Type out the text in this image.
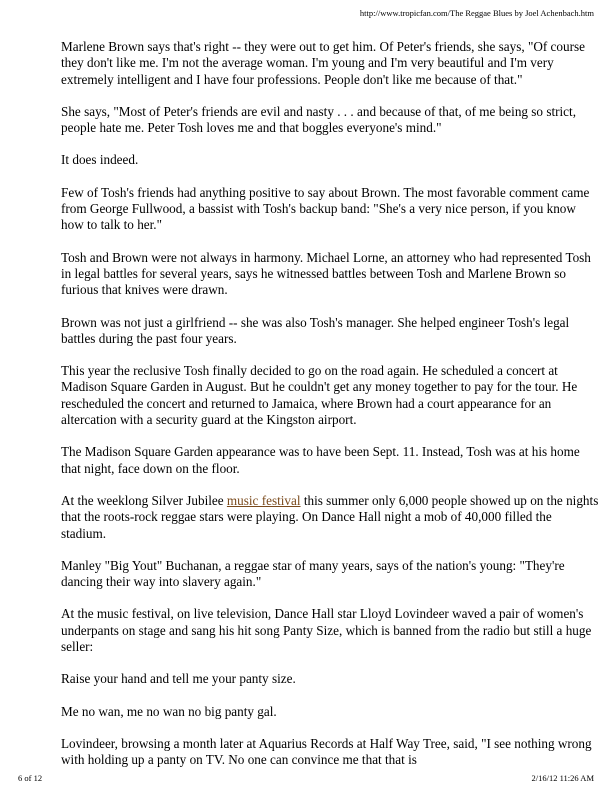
http://www.tropicfan.com/The Reggae Blues by Joel Achenbach.htm

Marlene Brown says that's right -- they were out to get him. Of Peter's friends, she says, "Of course they don't like me. I'm not the average woman. I'm young and I'm very beautiful and I'm very extremely intelligent and I have four professions. People don't like me because of that."

She says, "Most of Peter's friends are evil and nasty . . . and because of that, of me being so strict, people hate me. Peter Tosh loves me and that boggles everyone's mind."

It does indeed.

Few of Tosh's friends had anything positive to say about Brown. The most favorable comment came from George Fullwood, a bassist with Tosh's backup band: "She's a very nice person, if you know how to talk to her."

Tosh and Brown were not always in harmony. Michael Lorne, an attorney who had represented Tosh in legal battles for several years, says he witnessed battles between Tosh and Marlene Brown so furious that knives were drawn.

Brown was not just a girlfriend -- she was also Tosh's manager. She helped engineer Tosh's legal battles during the past four years.

This year the reclusive Tosh finally decided to go on the road again. He scheduled a concert at Madison Square Garden in August. But he couldn't get any money together to pay for the tour. He rescheduled the concert and returned to Jamaica, where Brown had a court appearance for an altercation with a security guard at the Kingston airport.

The Madison Square Garden appearance was to have been Sept. 11. Instead, Tosh was at his home that night, face down on the floor.

At the weeklong Silver Jubilee music festival this summer only 6,000 people showed up on the nights that the roots-rock reggae stars were playing. On Dance Hall night a mob of 40,000 filled the stadium.

Manley "Big Yout" Buchanan, a reggae star of many years, says of the nation's young: "They're dancing their way into slavery again."

At the music festival, on live television, Dance Hall star Lloyd Lovindeer waved a pair of women's underpants on stage and sang his hit song Panty Size, which is banned from the radio but still a huge seller:

Raise your hand and tell me your panty size.

Me no wan, me no wan no big panty gal.

Lovindeer, browsing a month later at Aquarius Records at Half Way Tree, said, "I see nothing wrong with holding up a panty on TV. No one can convince me that that is

6 of 12	2/16/12 11:26 AM
